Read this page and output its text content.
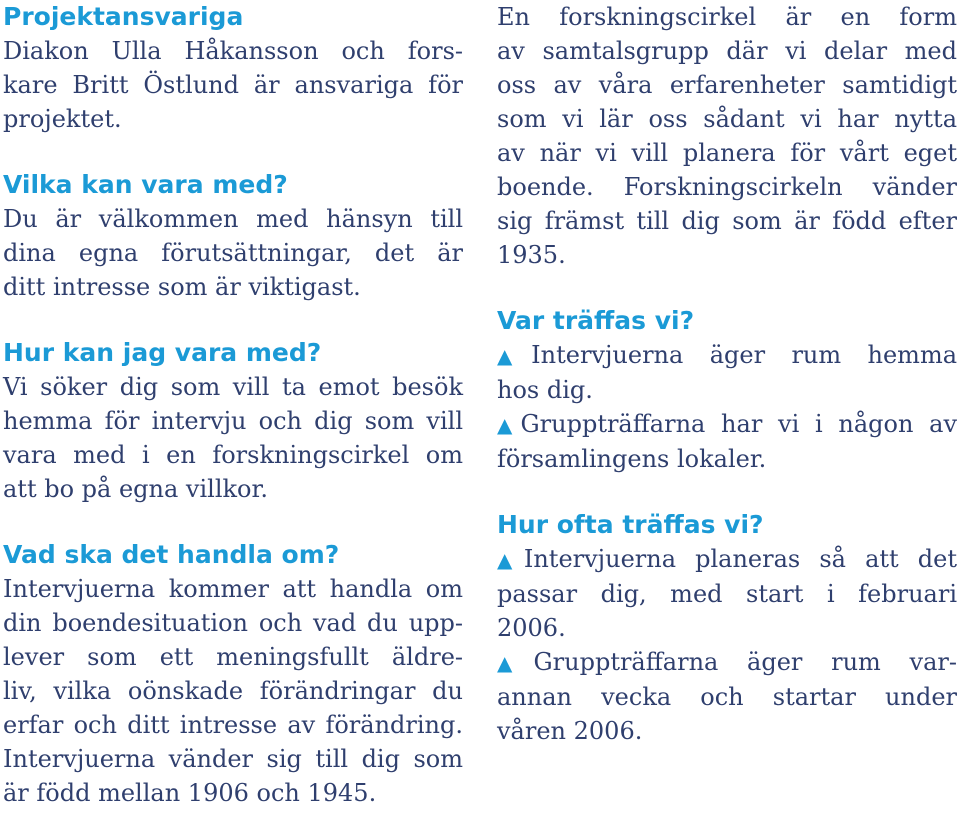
Projektansvariga

Diakon Ulla Håkansson och fors-
kare Britt Östlund är ansvariga för
projektet.

Vilka kan vara med?

Du är välkommen med hänsyn till
dina egna förutsättningar, det är
ditt intresse som är viktigast.

Hur kan jag vara med?

Vi söker dig som vill ta emot besök
hemma för intervju och dig som vill
vara med i en forskningscirkel om
att bo på egna villkor.

Vad ska det handla om?

Intervjuerna kommer att handla om
din boendesituation och vad du upp-
lever som ett meningsfullt äldre-
liv, vilka oönskade förändringar du
erfar och ditt intresse av förändring.
Intervjuerna vänder sig till dig som
är född mellan 1906 och 1945.

En forskningscirkel är en form
av samtalsgrupp där vi delar med
oss av våra erfarenheter samtidigt
som vi lär oss sådant vi har nytta
av när vi vill planera för vårt eget
boende. Forskningscirkeln vänder
sig främst till dig som är född efter
1935.

Var träffas vi?

▲Intervjuerna äger rum hemma
hos dig.

▲Gruppträffarna har vi i någon av
församlingens lokaler.

Hur ofta träffas vi?

▲Intervjuerna planeras så att det
passar dig, med start i februari
2006.

▲Gruppträffarna äger rum var-
annan vecka och startar under
våren 2006.
